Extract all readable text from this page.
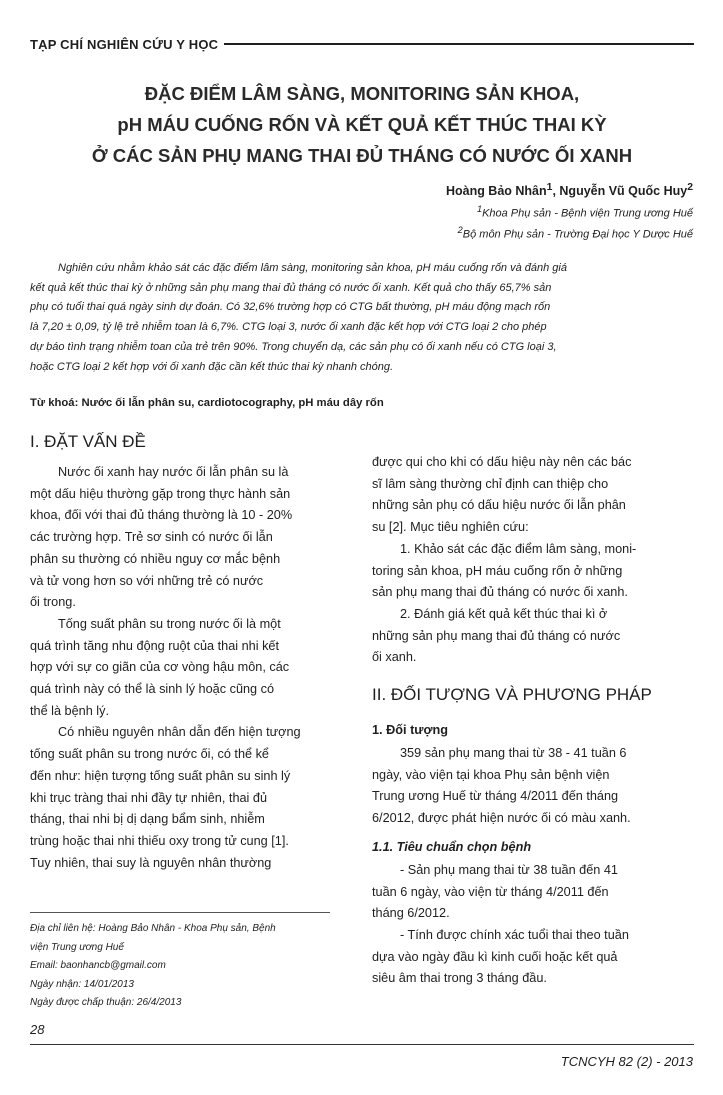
TẠP CHÍ NGHIÊN CỨU Y HỌC
ĐẶC ĐIỂM LÂM SÀNG, MONITORING SẢN KHOA,
pH MÁU CUỐNG RỐN VÀ KẾT QUẢ KẾT THÚC THAI KỲ
Ở CÁC SẢN PHỤ MANG THAI ĐỦ THÁNG CÓ NƯỚC ỐI XANH
Hoàng Bảo Nhân$^1$, Nguyễn Vũ Quốc Huy$^2$
$^1$Khoa Phụ sản - Bệnh viện Trung ương Huế
$^2$Bộ môn Phụ sản - Trường Đại học Y Dược Huế
Nghiên cứu nhằm khảo sát các đặc điểm lâm sàng, monitoring sản khoa, pH máu cuống rốn và đánh giá
kết quả kết thúc thai kỳ ở những sản phụ mang thai đủ tháng có nước ối xanh. Kết quả cho thấy 65,7% sản
phụ có tuổi thai quá ngày sinh dự đoán. Có 32,6% trường hợp có CTG bất thường, pH máu động mạch rốn
là 7,20 ± 0,09, tỷ lệ trẻ nhiễm toan là 6,7%. CTG loại 3, nước ối xanh đặc kết hợp với CTG loại 2 cho phép
dự báo tình trạng nhiễm toan của trẻ trên 90%. Trong chuyển dạ, các sản phụ có ối xanh nếu có CTG loại 3,
hoặc CTG loại 2 kết hợp với ối xanh đặc cần kết thúc thai kỳ nhanh chóng.
Từ khoá: Nước ối lẫn phân su, cardiotocography, pH máu dây rốn
I. ĐẶT VẤN ĐỀ
Nước ối xanh hay nước ối lẫn phân su là
một dấu hiệu thường gặp trong thực hành sản
khoa, đối với thai đủ tháng thường là 10 - 20%
các trường hợp. Trẻ sơ sinh có nước ối lẫn
phân su thường có nhiều nguy cơ mắc bệnh
và tử vong hơn so với những trẻ có nước
ối trong.
Tống suất phân su trong nước ối là một
quá trình tăng nhu động ruột của thai nhi kết
hợp với sự co giãn của cơ vòng hậu môn, các
quá trình này có thể là sinh lý hoặc cũng có
thể là bệnh lý.
Có nhiều nguyên nhân dẫn đến hiện tượng
tống suất phân su trong nước ối, có thể kể
đến như: hiện tượng tống suất phân su sinh lý
khi trục tràng thai nhi đầy tự nhiên, thai đủ
tháng, thai nhi bị dị dạng bẩm sinh, nhiễm
trùng hoặc thai nhi thiếu oxy trong tử cung [1].
Tuy nhiên, thai suy là nguyên nhân thường
được qui cho khi có dấu hiệu này nên các bác
sĩ lâm sàng thường chỉ định can thiệp cho
những sản phụ có dấu hiệu nước ối lẫn phân
su [2]. Mục tiêu nghiên cứu:
1. Khảo sát các đặc điểm lâm sàng, moni-
toring sản khoa, pH máu cuống rốn ở những
sản phụ mang thai đủ tháng có nước ối xanh.
2. Đánh giá kết quả kết thúc thai kì ở
những sản phụ mang thai đủ tháng có nước
ối xanh.
II. ĐỐI TƯỢNG VÀ PHƯƠNG PHÁP
1. Đối tượng
359 sản phụ mang thai từ 38 - 41 tuần 6
ngày, vào viện tại khoa Phụ sản bệnh viện
Trung ương Huế từ tháng 4/2011 đến tháng
6/2012, được phát hiện nước ối có màu xanh.
1.1. Tiêu chuẩn chọn bệnh
- Sản phụ mang thai từ 38 tuần đến 41
tuần 6 ngày, vào viện từ tháng 4/2011 đến
tháng 6/2012.
- Tính được chính xác tuổi thai theo tuần
dựa vào ngày đầu kì kinh cuối hoặc kết quả
siêu âm thai trong 3 tháng đầu.
Địa chỉ liên hệ: Hoàng Bảo Nhân - Khoa Phụ sản, Bệnh
viện Trung ương Huế
Email: baonhancb@gmail.com
Ngày nhận: 14/01/2013
Ngày được chấp thuận: 26/4/2013
28
TCNCYH 82 (2) - 2013
